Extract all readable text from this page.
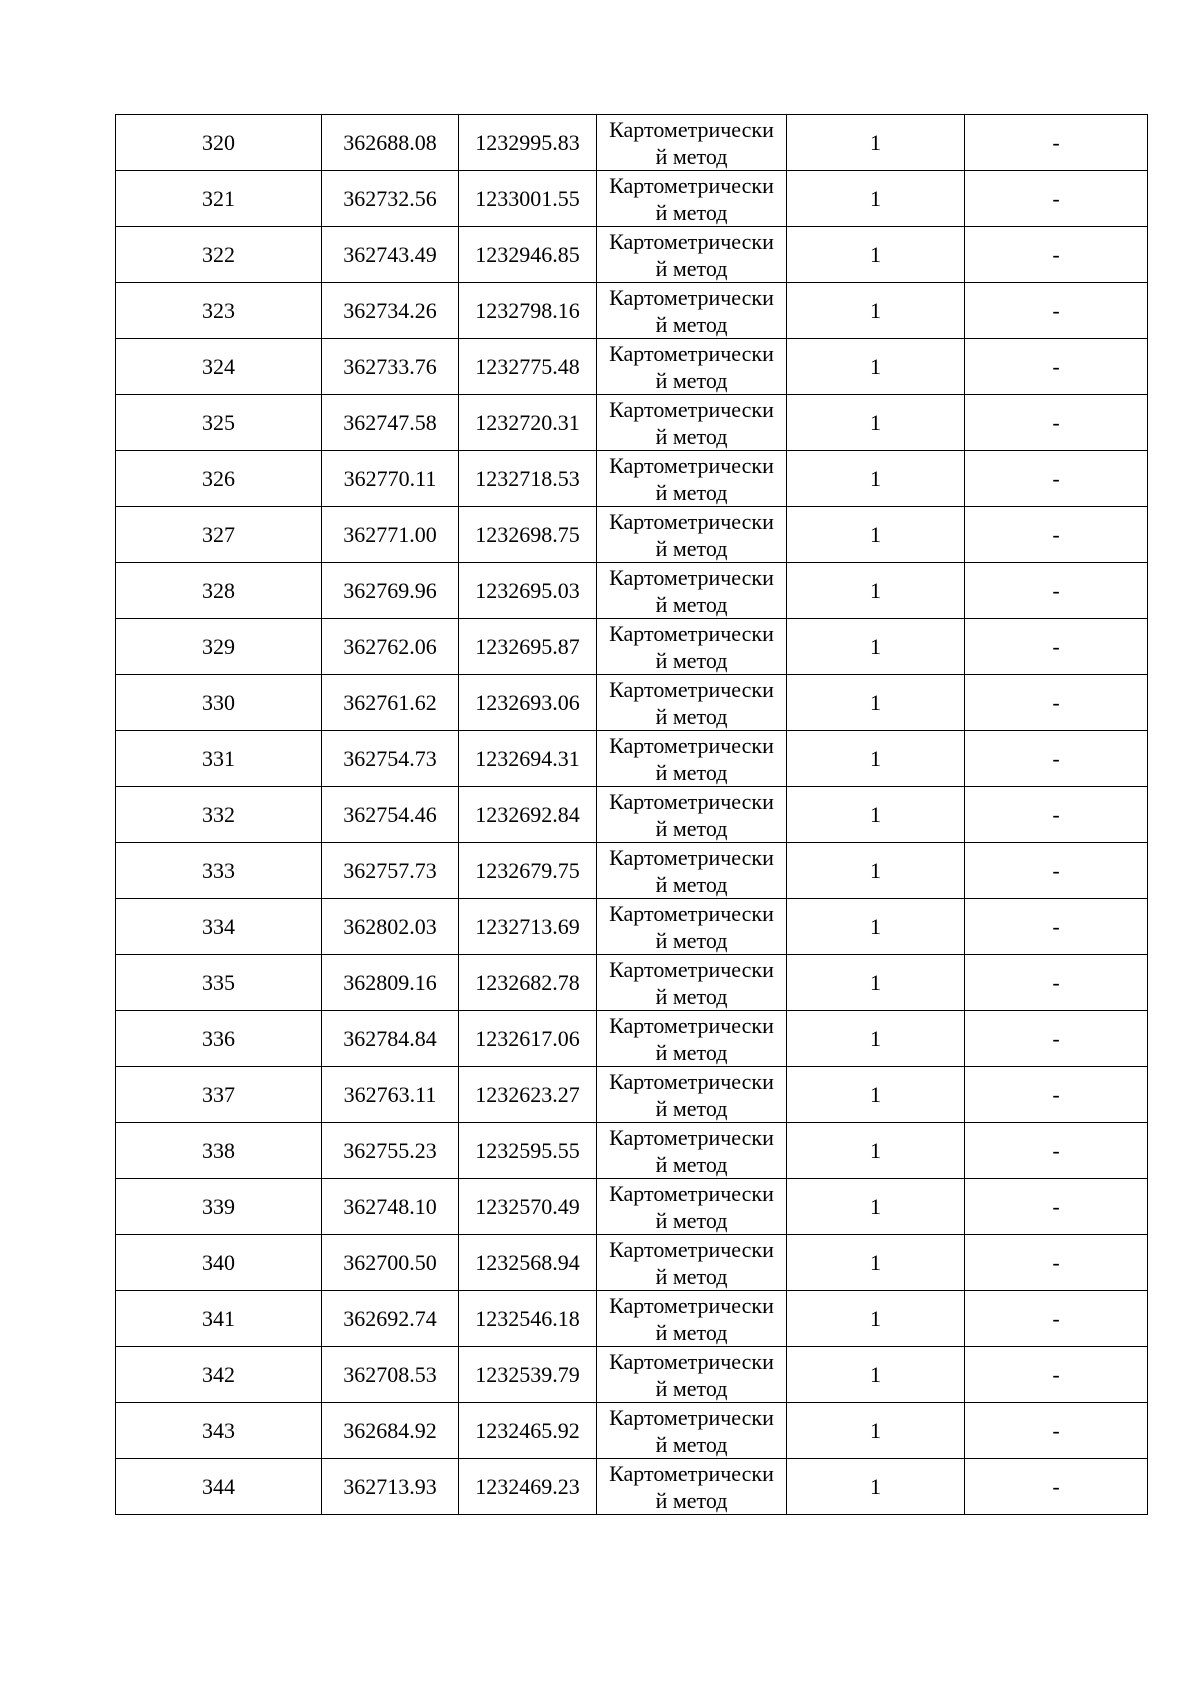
320	362688.08	1232995.83	Картометрически
й метод	1	-
321	362732.56	1233001.55	Картометрически
й метод	1	-
322	362743.49	1232946.85	Картометрически
й метод	1	-
323	362734.26	1232798.16	Картометрически
й метод	1	-
324	362733.76	1232775.48	Картометрически
й метод	1	-
325	362747.58	1232720.31	Картометрически
й метод	1	-
326	362770.11	1232718.53	Картометрически
й метод	1	-
327	362771.00	1232698.75	Картометрически
й метод	1	-
328	362769.96	1232695.03	Картометрически
й метод	1	-
329	362762.06	1232695.87	Картометрически
й метод	1	-
330	362761.62	1232693.06	Картометрически
й метод	1	-
331	362754.73	1232694.31	Картометрически
й метод	1	-
332	362754.46	1232692.84	Картометрически
й метод	1	-
333	362757.73	1232679.75	Картометрически
й метод	1	-
334	362802.03	1232713.69	Картометрически
й метод	1	-
335	362809.16	1232682.78	Картометрически
й метод	1	-
336	362784.84	1232617.06	Картометрически
й метод	1	-
337	362763.11	1232623.27	Картометрически
й метод	1	-
338	362755.23	1232595.55	Картометрически
й метод	1	-
339	362748.10	1232570.49	Картометрически
й метод	1	-
340	362700.50	1232568.94	Картометрически
й метод	1	-
341	362692.74	1232546.18	Картометрически
й метод	1	-
342	362708.53	1232539.79	Картометрически
й метод	1	-
343	362684.92	1232465.92	Картометрически
й метод	1	-
344	362713.93	1232469.23	Картометрически
й метод	1	-
